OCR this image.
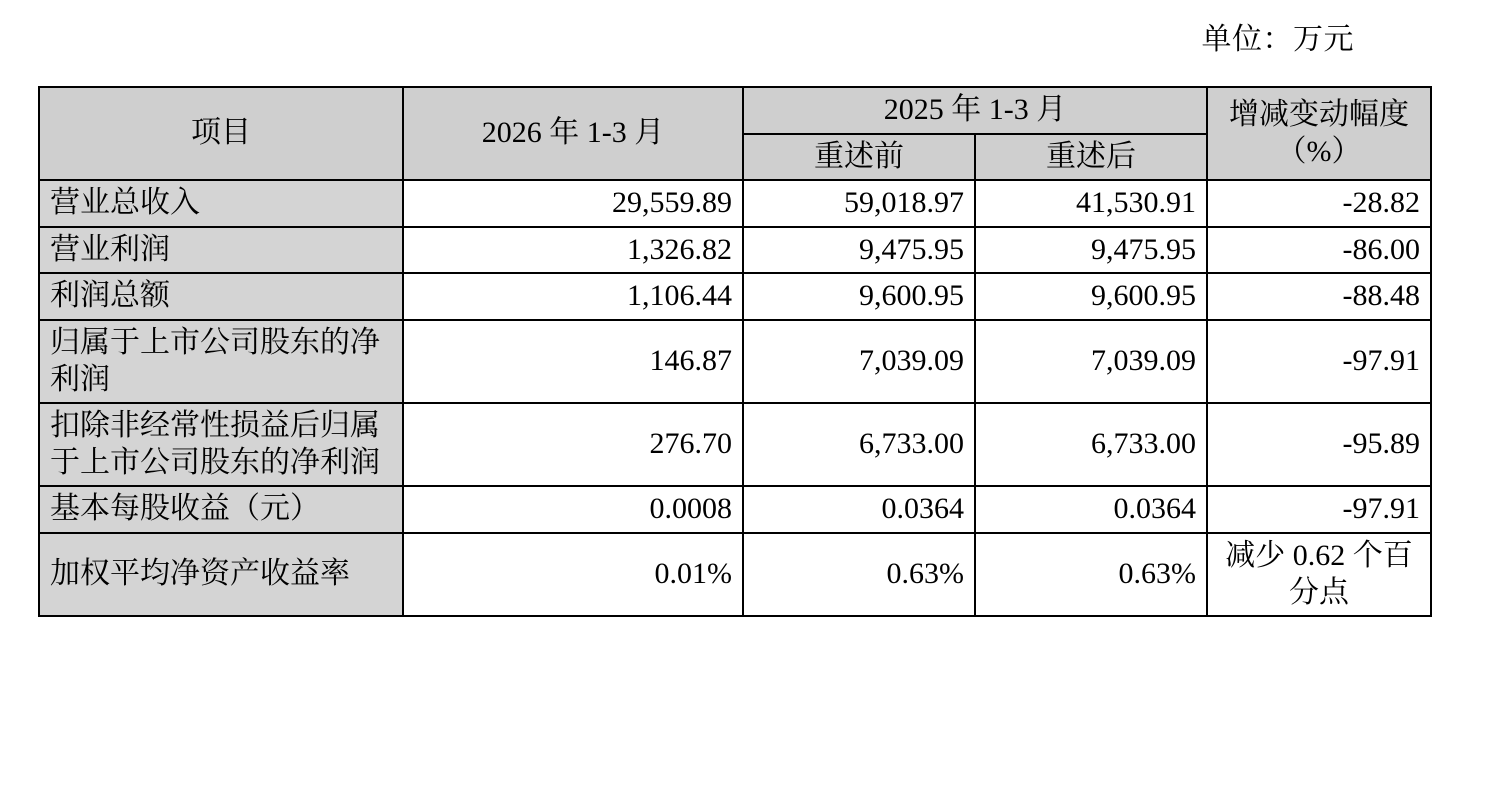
单位：万元
项目	2026 年 1-3 月	2025 年 1-3 月		增减变动幅度（%）
		重述前	重述后	
营业总收入	29,559.89	59,018.97	41,530.91	-28.82
营业利润	1,326.82	9,475.95	9,475.95	-86.00
利润总额	1,106.44	9,600.95	9,600.95	-88.48
归属于上市公司股东的净利润	146.87	7,039.09	7,039.09	-97.91
扣除非经常性损益后归属于上市公司股东的净利润	276.70	6,733.00	6,733.00	-95.89
基本每股收益（元）	0.0008	0.0364	0.0364	-97.91
加权平均净资产收益率	0.01%	0.63%	0.63%	减少 0.62 个百分点
